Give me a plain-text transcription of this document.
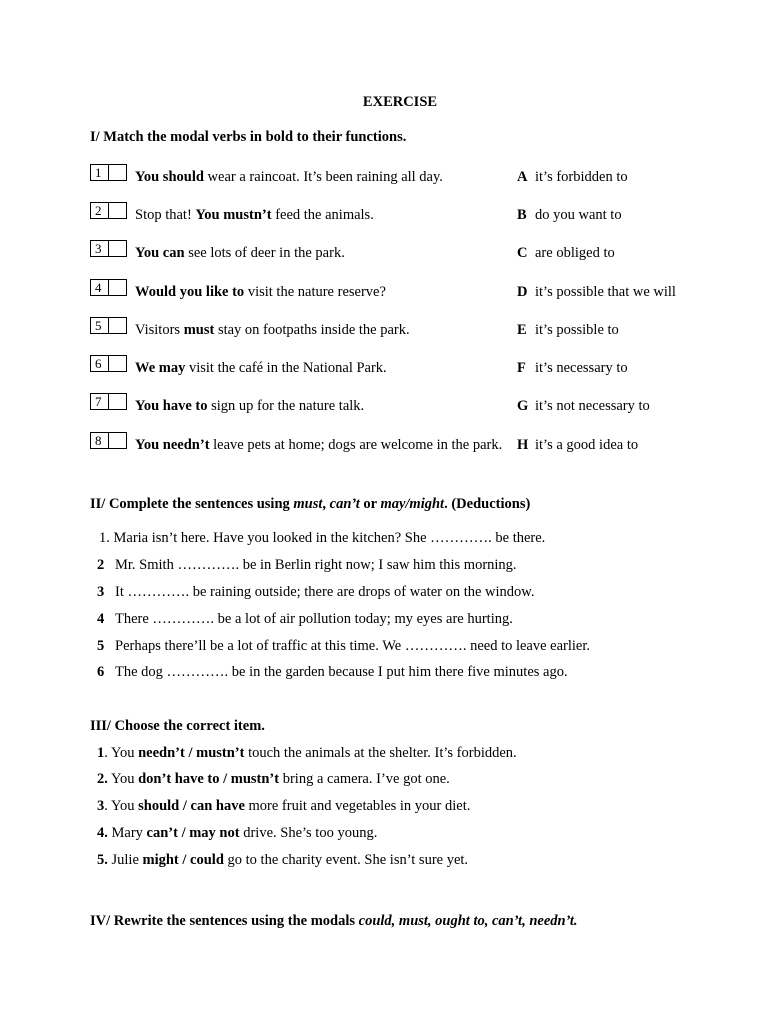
EXERCISE
I/ Match the modal verbs in bold to their functions.
1 You should wear a raincoat. It’s been raining all day.	A it’s forbidden to
2 Stop that! You mustn’t feed the animals.	B do you want to
3 You can see lots of deer in the park.	C are obliged to
4 Would you like to visit the nature reserve?	D it’s possible that we will
5 Visitors must stay on footpaths inside the park.	E it’s possible to
6 We may visit the café in the National Park.	F it’s necessary to
7 You have to sign up for the nature talk.	G it’s not necessary to
8 You needn’t leave pets at home; dogs are welcome in the park. H it’s a good idea to
II/ Complete the sentences using must, can’t or may/might. (Deductions)
1. Maria isn’t here. Have you looked in the kitchen? She …………. be there.
2 Mr. Smith …………. be in Berlin right now; I saw him this morning.
3 It …………. be raining outside; there are drops of water on the window.
4 There …………. be a lot of air pollution today; my eyes are hurting.
5 Perhaps there’ll be a lot of traffic at this time. We …………. need to leave earlier.
6 The dog …………. be in the garden because I put him there five minutes ago.
III/ Choose the correct item.
1. You needn’t / mustn’t touch the animals at the shelter. It’s forbidden.
2. You don’t have to / mustn’t bring a camera. I’ve got one.
3. You should / can have more fruit and vegetables in your diet.
4. Mary can’t / may not drive. She’s too young.
5. Julie might / could go to the charity event. She isn’t sure yet.
IV/ Rewrite the sentences using the modals could, must, ought to, can’t, needn’t.
